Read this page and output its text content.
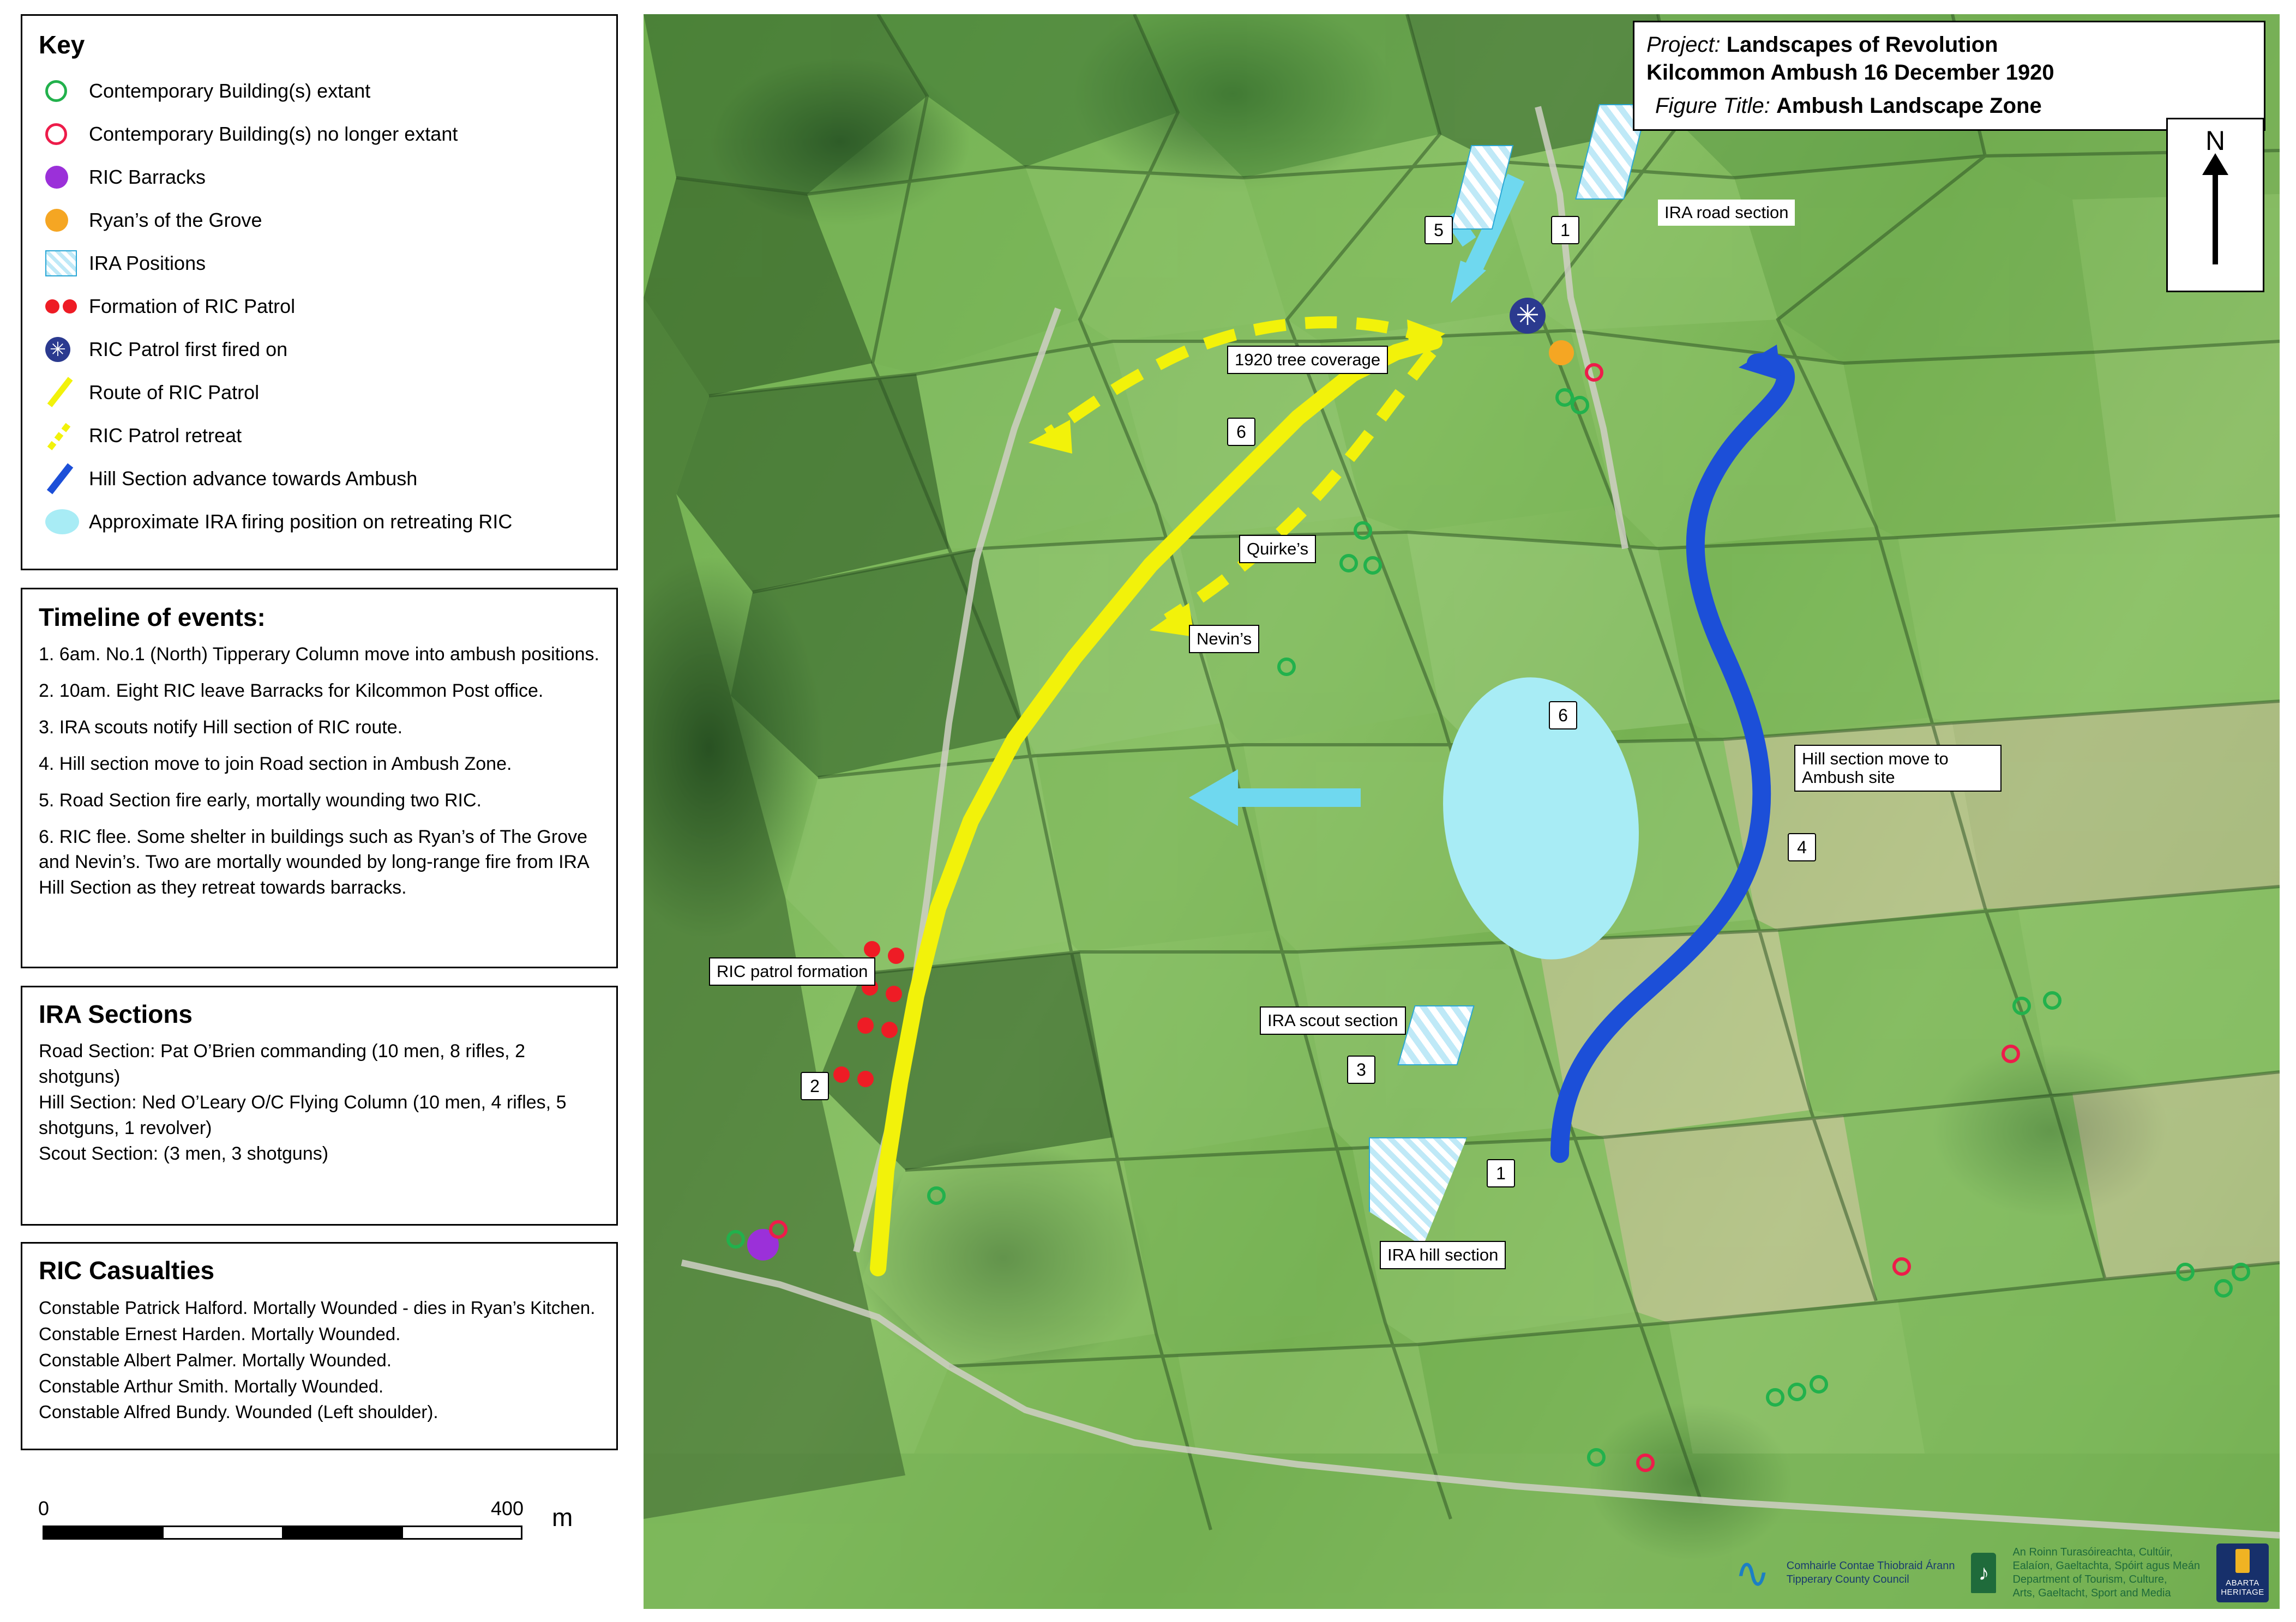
Key
Contemporary Building(s) extant
Contemporary Building(s) no longer extant
RIC Barracks
Ryan’s of the Grove
IRA Positions
Formation of RIC Patrol
✳
RIC Patrol first fired on
Route of RIC Patrol
RIC Patrol retreat
Hill Section advance towards Ambush
Approximate IRA firing position on retreating RIC
Timeline of events:
1. 6am. No.1 (North) Tipperary Column move into ambush positions.
2. 10am. Eight RIC leave Barracks for Kilcommon Post office.
3. IRA scouts notify Hill section of RIC route.
4. Hill section move to join Road section in Ambush Zone.
5. Road Section fire early, mortally wounding two RIC.
6. RIC flee. Some shelter in buildings such as Ryan’s of The Grove and Nevin’s. Two are mortally wounded by long-range fire from IRA Hill Section as they retreat towards barracks.
IRA Sections
Road Section: Pat O’Brien commanding (10 men, 8 rifles, 2 shotguns)
Hill Section: Ned O’Leary O/C Flying Column (10 men, 4 rifles, 5 shotguns, 1 revolver)
Scout Section: (3 men, 3 shotguns)
RIC Casualties
Constable Patrick Halford. Mortally Wounded - dies in Ryan’s Kitchen.
Constable Ernest Harden. Mortally Wounded.
Constable Albert Palmer. Mortally Wounded.
Constable Arthur Smith. Mortally Wounded.
Constable Alfred Bundy. Wounded (Left shoulder).
0	400 m
✳
IRA road section
1920 tree coverage
Quirke’s
Nevin’s
Hill section move to Ambush site
IRA scout section
IRA hill section
RIC patrol formation
1
5
6
6
4
3
1
2
Project: Landscapes of Revolution
Kilcommon Ambush 16 December 1920
Figure Title: Ambush Landscape Zone
N
∿ Comhairle Contae Thiobraid Árann
Tipperary County Council
♪
An Roinn Turasóireachta, Cultúir,
Ealaíon, Gaeltachta, Spóirt agus Meán
Department of Tourism, Culture,
Arts, Gaeltacht, Sport and Media
ABARTA HERITAGE
